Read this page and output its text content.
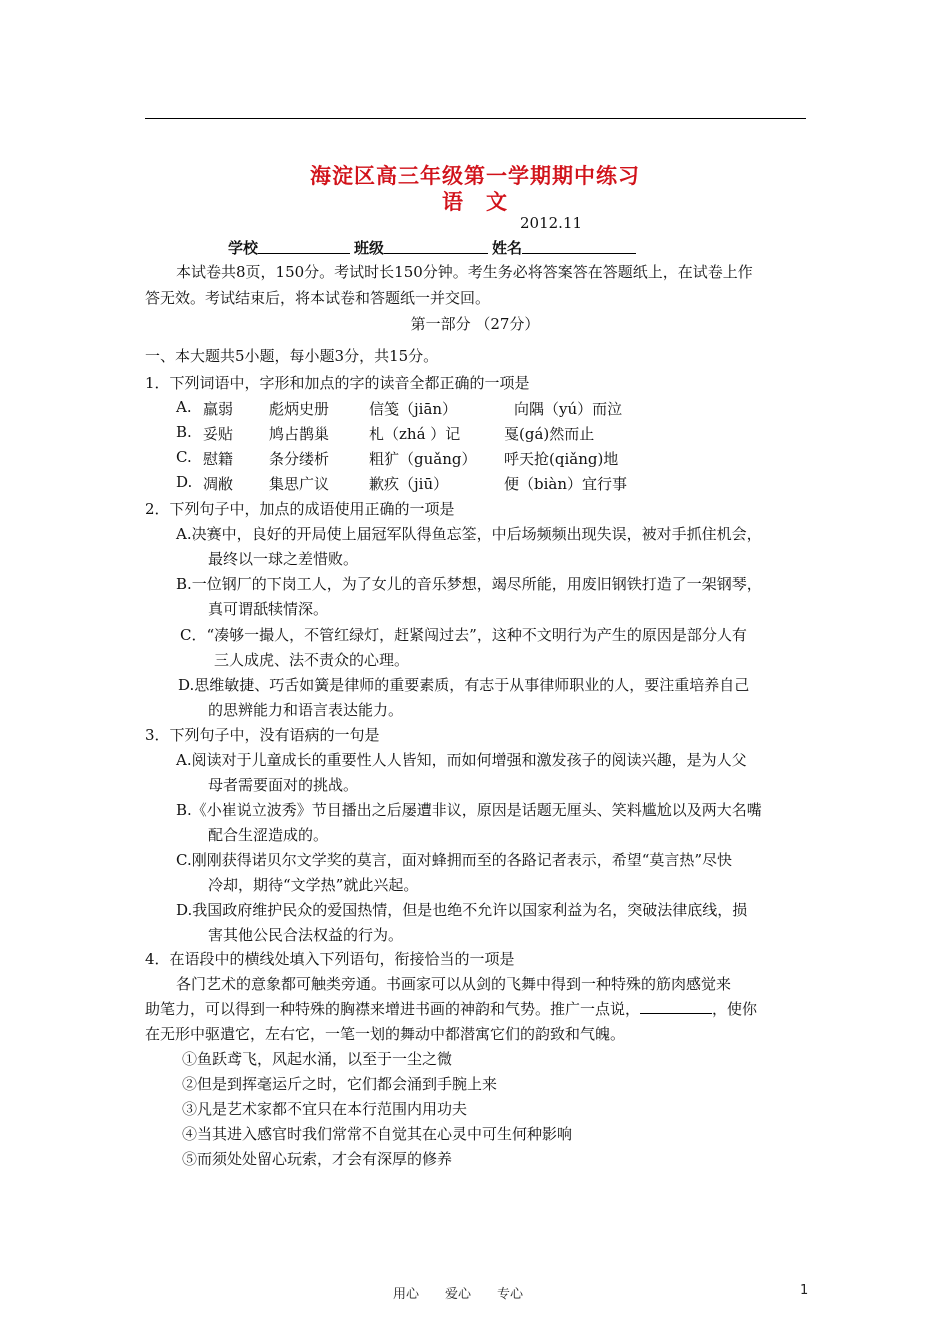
海淀区高三年级第一学期期中练习
语　文
2012.11
学校	班级	姓名
本试卷共8页，150分。考试时长150分钟。考生务必将答案答在答题纸上，在试卷上作
答无效。考试结束后，将本试卷和答题纸一并交回。
第一部分 （27分）
一、本大题共5小题，每小题3分，共15分。
1．下列词语中，字形和加点的字的读音全都正确的一项是
A. 羸弱 彪炳史册	信笺（jiān）	向隅（yú）而泣
B. 妥贴 鸠占鹊巢	札（zhá ）记	戛(gá)然而止
C. 慰籍 条分缕析	粗犷（guǎng） 呼天抢(qiǎng)地
D. 凋敝 集思广议	歉疚（jiū）	便（biàn）宜行事
2．下列句子中，加点的成语使用正确的一项是
A.决赛中，良好的开局使上届冠军队得鱼忘筌，中后场频频出现失误，被对手抓住机会，
最终以一球之差惜败。
B.一位钢厂的下岗工人，为了女儿的音乐梦想，竭尽所能，用废旧钢铁打造了一架钢琴，
真可谓舐犊情深。
C．“凑够一撮人，不管红绿灯，赶紧闯过去”，这种不文明行为产生的原因是部分人有
三人成虎、法不责众的心理。
D.思维敏捷、巧舌如簧是律师的重要素质，有志于从事律师职业的人，要注重培养自己
的思辨能力和语言表达能力。
3．下列句子中，没有语病的一句是
A.阅读对于儿童成长的重要性人人皆知，而如何增强和激发孩子的阅读兴趣，是为人父
母者需要面对的挑战。
B.《小崔说立波秀》节目播出之后屡遭非议，原因是话题无厘头、笑料尴尬以及两大名嘴
配合生涩造成的。
C.刚刚获得诺贝尔文学奖的莫言，面对蜂拥而至的各路记者表示，希望“莫言热”尽快
冷却，期待“文学热”就此兴起。
D.我国政府维护民众的爱国热情，但是也绝不允许以国家利益为名，突破法律底线，损
害其他公民合法权益的行为。
4．在语段中的横线处填入下列语句，衔接恰当的一项是
各门艺术的意象都可触类旁通。书画家可以从剑的飞舞中得到一种特殊的筋肉感觉来
助笔力，可以得到一种特殊的胸襟来增进书画的神韵和气势。推广一点说，	，使你
在无形中驱遣它，左右它，一笔一划的舞动中都潜寓它们的韵致和气魄。
①鱼跃鸢飞，风起水涌，以至于一尘之微
②但是到挥毫运斤之时，它们都会涌到手腕上来
③凡是艺术家都不宜只在本行范围内用功夫
④当其进入感官时我们常常不自觉其在心灵中可生何种影响
⑤而须处处留心玩索，才会有深厚的修养
用心　　爱心　　专心	1
